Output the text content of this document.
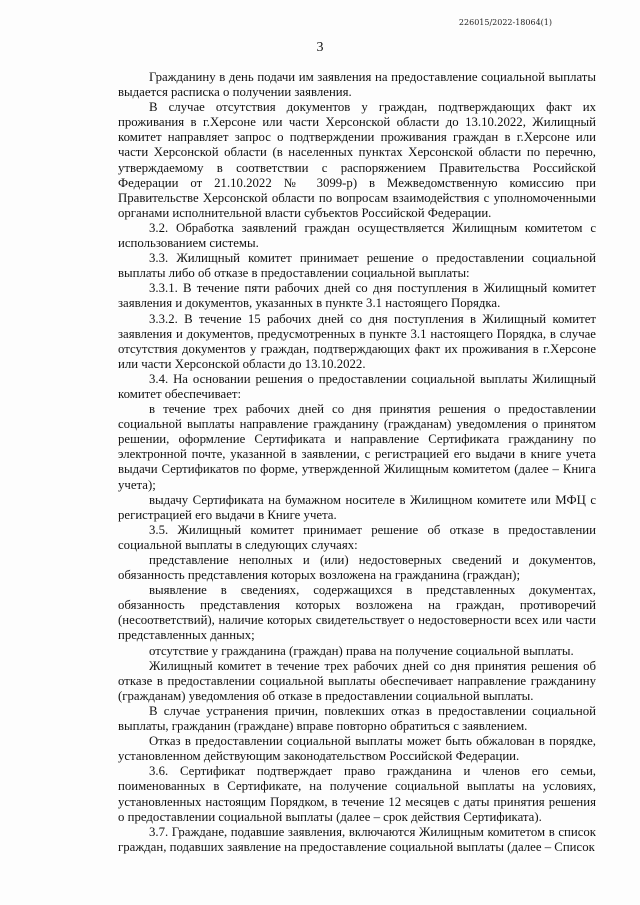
226015/2022-18064(1)
3

Гражданину в день подачи им заявления на предоставление социальной выплаты выдается расписка о получении заявления.

В случае отсутствия документов у граждан, подтверждающих факт их проживания в г.Херсоне или части Херсонской области до 13.10.2022, Жилищный комитет направляет запрос о подтверждении проживания граждан в г.Херсоне или части Херсонской области (в населенных пунктах Херсонской области по перечню, утверждаемому в соответствии с распоряжением Правительства Российской Федерации от 21.10.2022 № 3099-р) в Межведомственную комиссию при Правительстве Херсонской области по вопросам взаимодействия с уполномоченными органами исполнительной власти субъектов Российской Федерации.

3.2. Обработка заявлений граждан осуществляется Жилищным комитетом с использованием системы.

3.3. Жилищный комитет принимает решение о предоставлении социальной выплаты либо об отказе в предоставлении социальной выплаты:

3.3.1. В течение пяти рабочих дней со дня поступления в Жилищный комитет заявления и документов, указанных в пункте 3.1 настоящего Порядка.

3.3.2. В течение 15 рабочих дней со дня поступления в Жилищный комитет заявления и документов, предусмотренных в пункте 3.1 настоящего Порядка, в случае отсутствия документов у граждан, подтверждающих факт их проживания в г.Херсоне или части Херсонской области до 13.10.2022.

3.4. На основании решения о предоставлении социальной выплаты Жилищный комитет обеспечивает:

в течение трех рабочих дней со дня принятия решения о предоставлении социальной выплаты направление гражданину (гражданам) уведомления о принятом решении, оформление Сертификата и направление Сертификата гражданину по электронной почте, указанной в заявлении, с регистрацией его выдачи в книге учета выдачи Сертификатов по форме, утвержденной Жилищным комитетом (далее – Книга учета);

выдачу Сертификата на бумажном носителе в Жилищном комитете или МФЦ с регистрацией его выдачи в Книге учета.

3.5. Жилищный комитет принимает решение об отказе в предоставлении социальной выплаты в следующих случаях:

представление неполных и (или) недостоверных сведений и документов, обязанность представления которых возложена на гражданина (граждан);

выявление в сведениях, содержащихся в представленных документах, обязанность представления которых возложена на граждан, противоречий (несоответствий), наличие которых свидетельствует о недостоверности всех или части представленных данных;

отсутствие у гражданина (граждан) права на получение социальной выплаты.

Жилищный комитет в течение трех рабочих дней со дня принятия решения об отказе в предоставлении социальной выплаты обеспечивает направление гражданину (гражданам) уведомления об отказе в предоставлении социальной выплаты.

В случае устранения причин, повлекших отказ в предоставлении социальной выплаты, гражданин (граждане) вправе повторно обратиться с заявлением.

Отказ в предоставлении социальной выплаты может быть обжалован в порядке, установленном действующим законодательством Российской Федерации.

3.6. Сертификат подтверждает право гражданина и членов его семьи, поименованных в Сертификате, на получение социальной выплаты на условиях, установленных настоящим Порядком, в течение 12 месяцев с даты принятия решения о предоставлении социальной выплаты (далее – срок действия Сертификата).

3.7. Граждане, подавшие заявления, включаются Жилищным комитетом в список граждан, подавших заявление на предоставление социальной выплаты (далее – Список
